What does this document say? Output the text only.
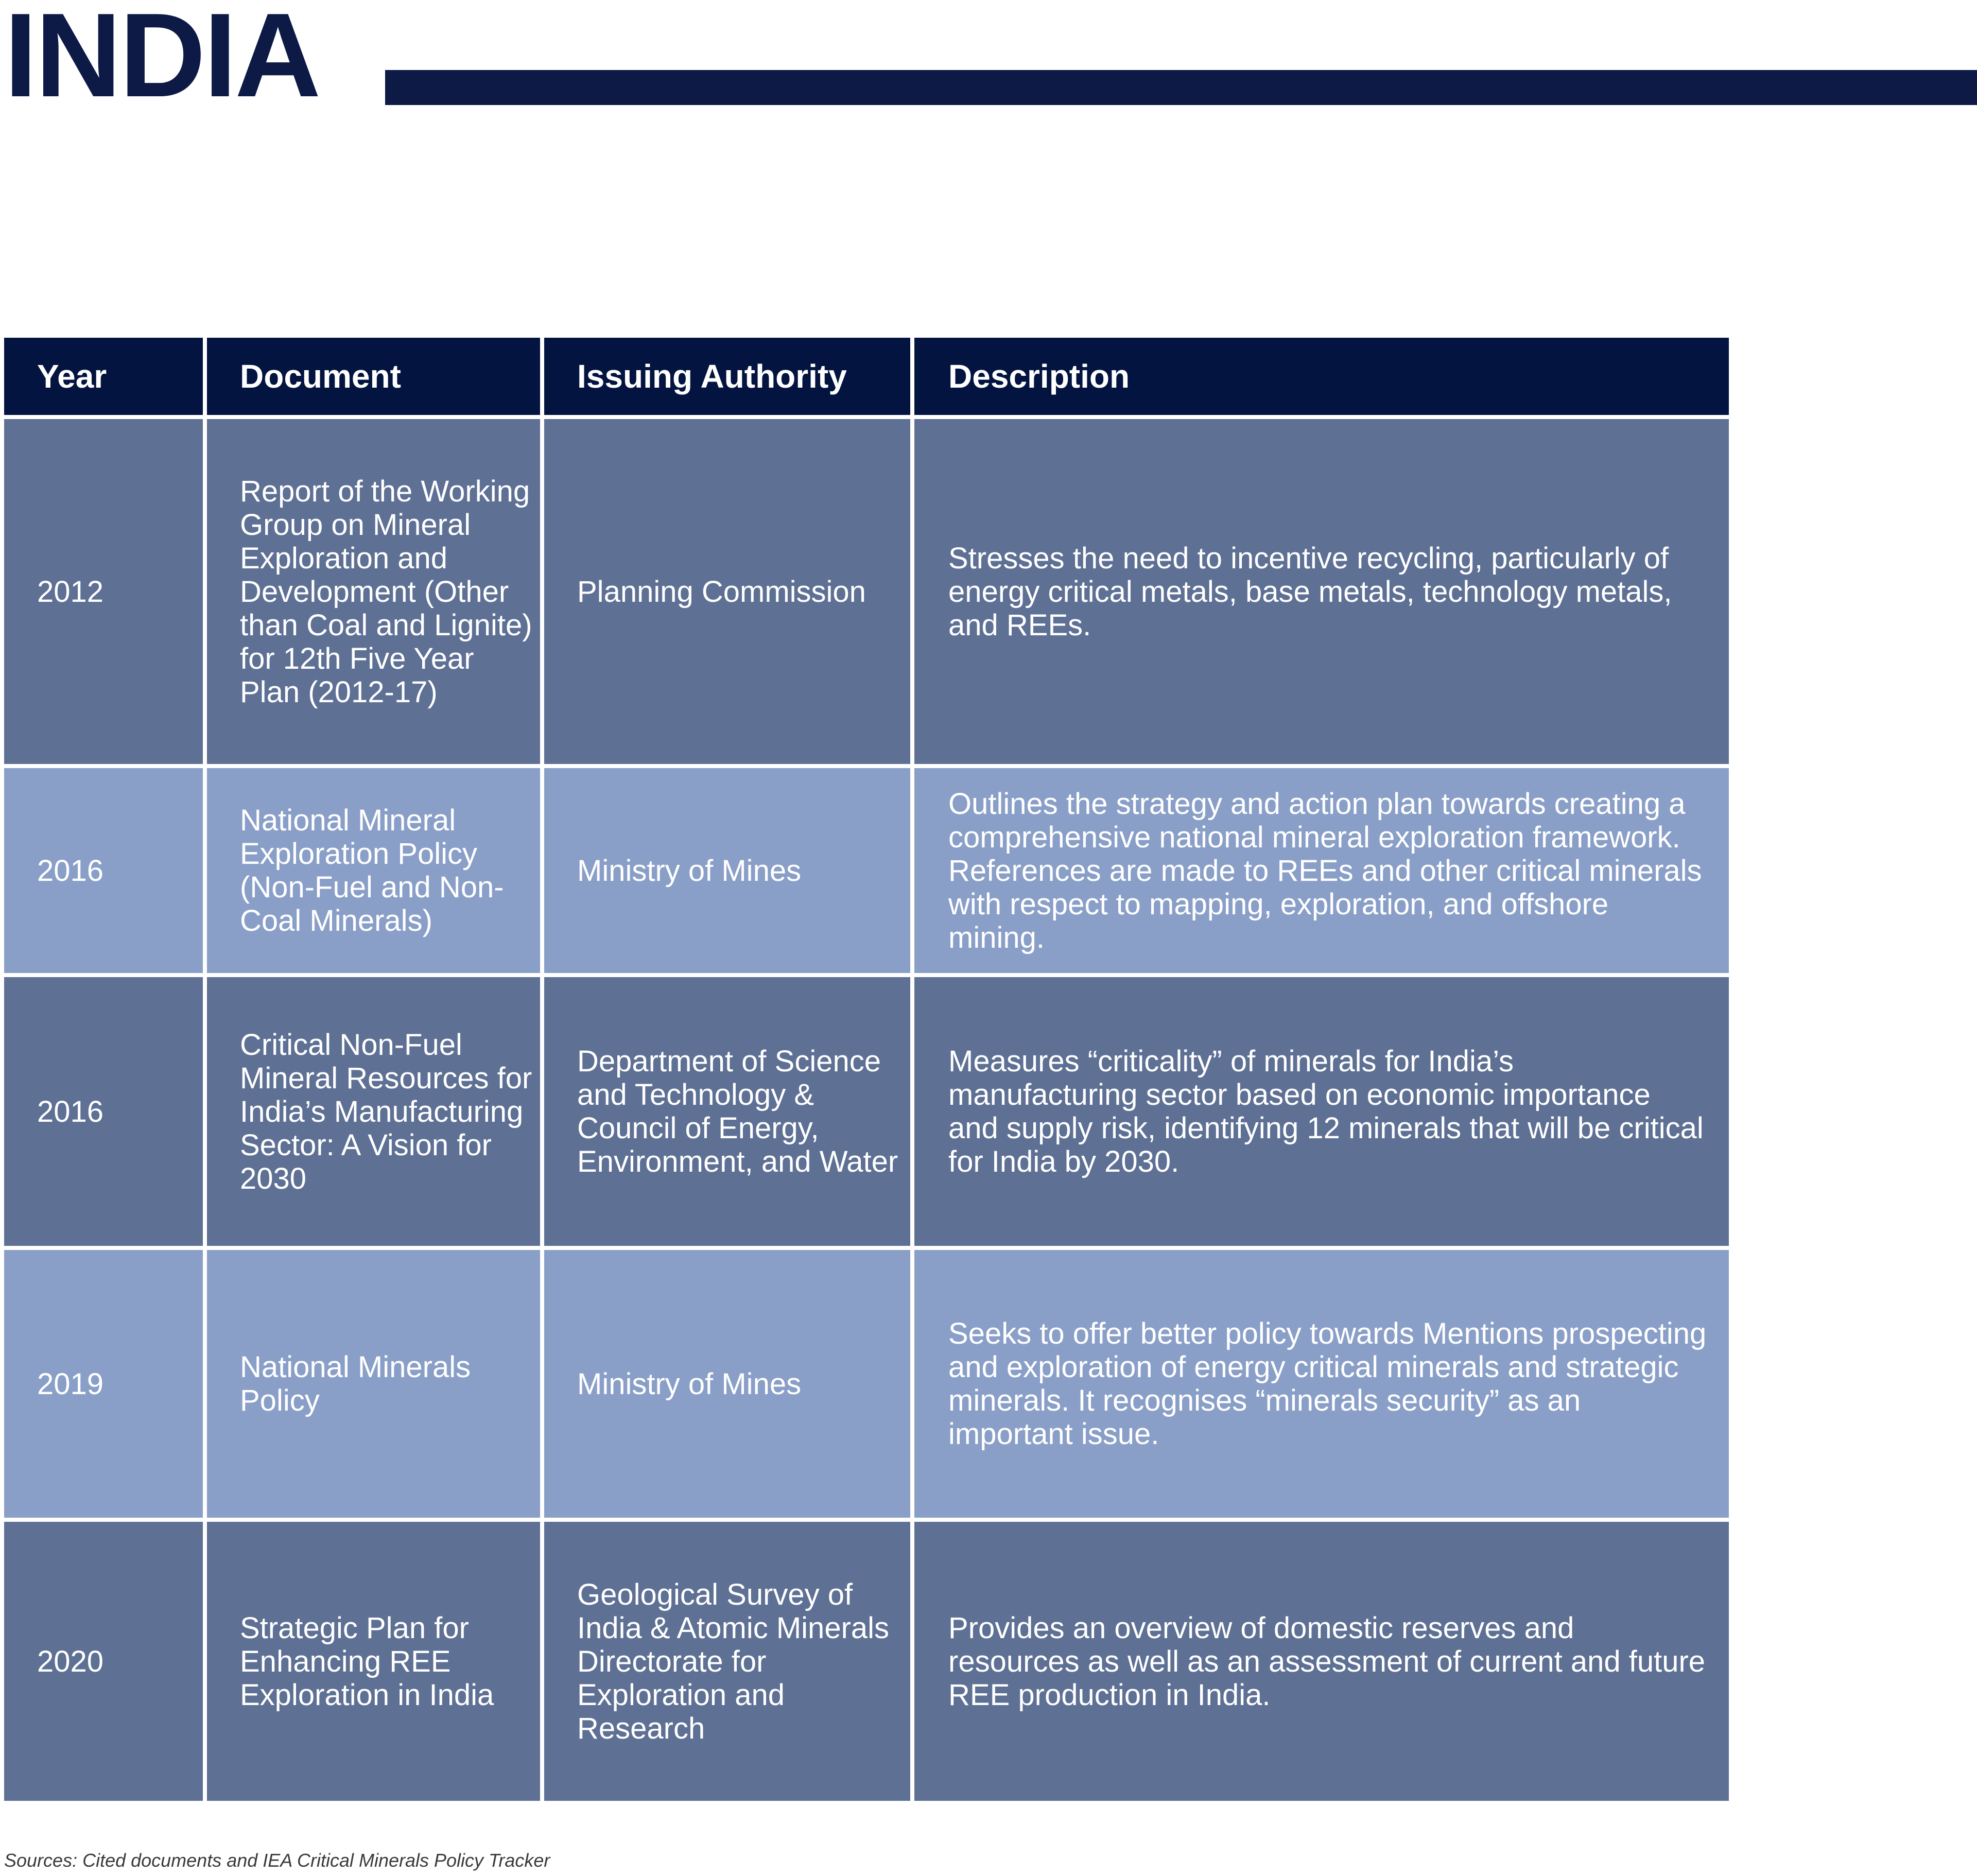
INDIA
Year	Document	Issuing Authority	Description
2012	Report of the Working Group on Mineral Exploration and Development (Other than Coal and Lignite) for 12th Five Year Plan (2012-17)	Planning Commission	Stresses the need to incentive recycling, particularly of energy critical metals, base metals, technology metals, and REEs.
2016	National Mineral Exploration Policy (Non-Fuel and Non-Coal Minerals)	Ministry of Mines	Outlines the strategy and action plan towards creating a comprehensive national mineral exploration framework. References are made to REEs and other critical minerals with respect to mapping, exploration, and offshore mining.
2016	Critical Non-Fuel Mineral Resources for India’s Manufacturing Sector: A Vision for 2030	Department of Science and Technology & Council of Energy, Environment, and Water	Measures “criticality” of minerals for India’s manufacturing sector based on economic importance and supply risk, identifying 12 minerals that will be critical for India by 2030.
2019	National Minerals Policy	Ministry of Mines	Seeks to offer better policy towards Mentions prospecting and exploration of energy critical minerals and strategic minerals. It recognises “minerals security” as an important issue.
2020	Strategic Plan for Enhancing REE Exploration in India	Geological Survey of India & Atomic Minerals Directorate for Exploration and Research	Provides an overview of domestic reserves and resources as well as an assessment of current and future REE production in India.

Sources: Cited documents and IEA Critical Minerals Policy Tracker
